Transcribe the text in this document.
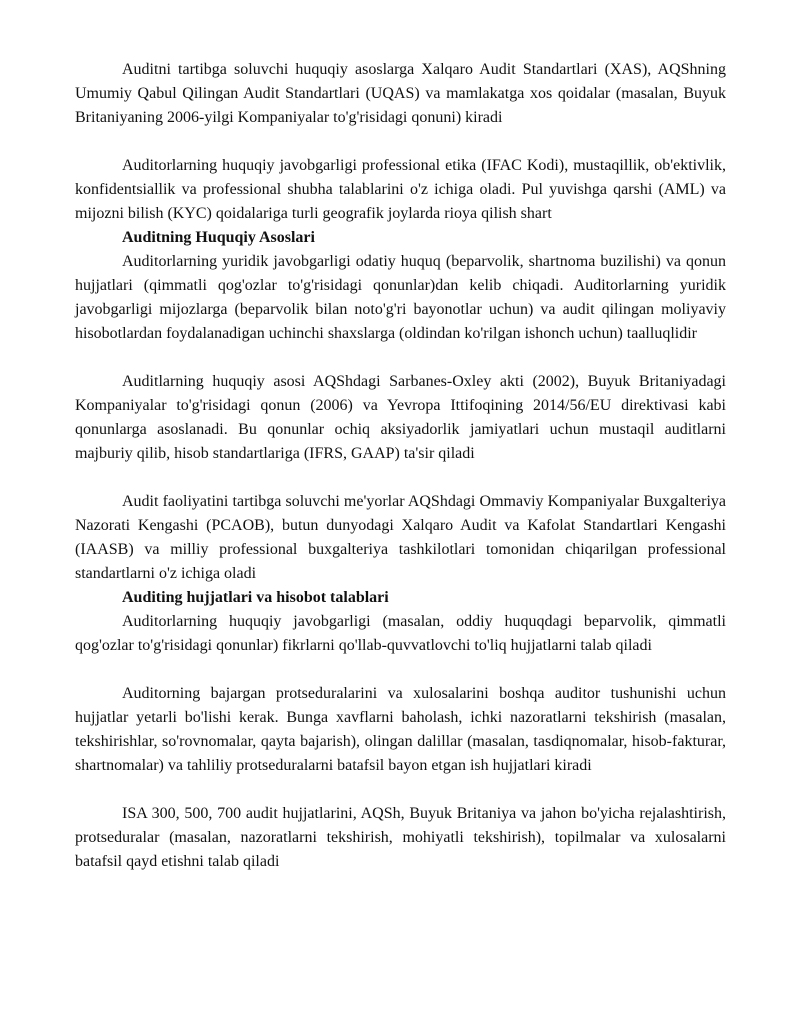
Auditni tartibga soluvchi huquqiy asoslarga Xalqaro Audit Standartlari (XAS), AQShning Umumiy Qabul Qilingan Audit Standartlari (UQAS) va mamlakatga xos qoidalar (masalan, Buyuk Britaniyaning 2006-yilgi Kompaniyalar to'g'risidagi qonuni) kiradi

Auditorlarning huquqiy javobgarligi professional etika (IFAC Kodi), mustaqillik, ob'ektivlik, konfidentsiallik va professional shubha talablarini o'z ichiga oladi. Pul yuvishga qarshi (AML) va mijozni bilish (KYC) qoidalariga turli geografik joylarda rioya qilish shart

Auditning Huquqiy Asoslari

Auditorlarning yuridik javobgarligi odatiy huquq (beparvolik, shartnoma buzilishi) va qonun hujjatlari (qimmatli qog'ozlar to'g'risidagi qonunlar)dan kelib chiqadi. Auditorlarning yuridik javobgarligi mijozlarga (beparvolik bilan noto'g'ri bayonotlar uchun) va audit qilingan moliyaviy hisobotlardan foydalanadigan uchinchi shaxslarga (oldindan ko'rilgan ishonch uchun) taalluqlidir

Auditlarning huquqiy asosi AQShdagi Sarbanes-Oxley akti (2002), Buyuk Britaniyadagi Kompaniyalar to'g'risidagi qonun (2006) va Yevropa Ittifoqining 2014/56/EU direktivasi kabi qonunlarga asoslanadi. Bu qonunlar ochiq aksiyadorlik jamiyatlari uchun mustaqil auditlarni majburiy qilib, hisob standartlariga (IFRS, GAAP) ta'sir qiladi

Audit faoliyatini tartibga soluvchi me'yorlar AQShdagi Ommaviy Kompaniyalar Buxgalteriya Nazorati Kengashi (PCAOB), butun dunyodagi Xalqaro Audit va Kafolat Standartlari Kengashi (IAASB) va milliy professional buxgalteriya tashkilotlari tomonidan chiqarilgan professional standartlarni o'z ichiga oladi

Auditing hujjatlari va hisobot talablari

Auditorlarning huquqiy javobgarligi (masalan, oddiy huquqdagi beparvolik, qimmatli qog'ozlar to'g'risidagi qonunlar) fikrlarni qo'llab-quvvatlovchi to'liq hujjatlarni talab qiladi

Auditorning bajargan protseduralarini va xulosalarini boshqa auditor tushunishi uchun hujjatlar yetarli bo'lishi kerak. Bunga xavflarni baholash, ichki nazoratlarni tekshirish (masalan, tekshirishlar, so'rovnomalar, qayta bajarish), olingan dalillar (masalan, tasdiqnomalar, hisob-fakturar, shartnomalar) va tahliliy protseduralarni batafsil bayon etgan ish hujjatlari kiradi

ISA 300, 500, 700 audit hujjatlarini, AQSh, Buyuk Britaniya va jahon bo'yicha rejalashtirish, protseduralar (masalan, nazoratlarni tekshirish, mohiyatli tekshirish), topilmalar va xulosalarni batafsil qayd etishni talab qiladi
